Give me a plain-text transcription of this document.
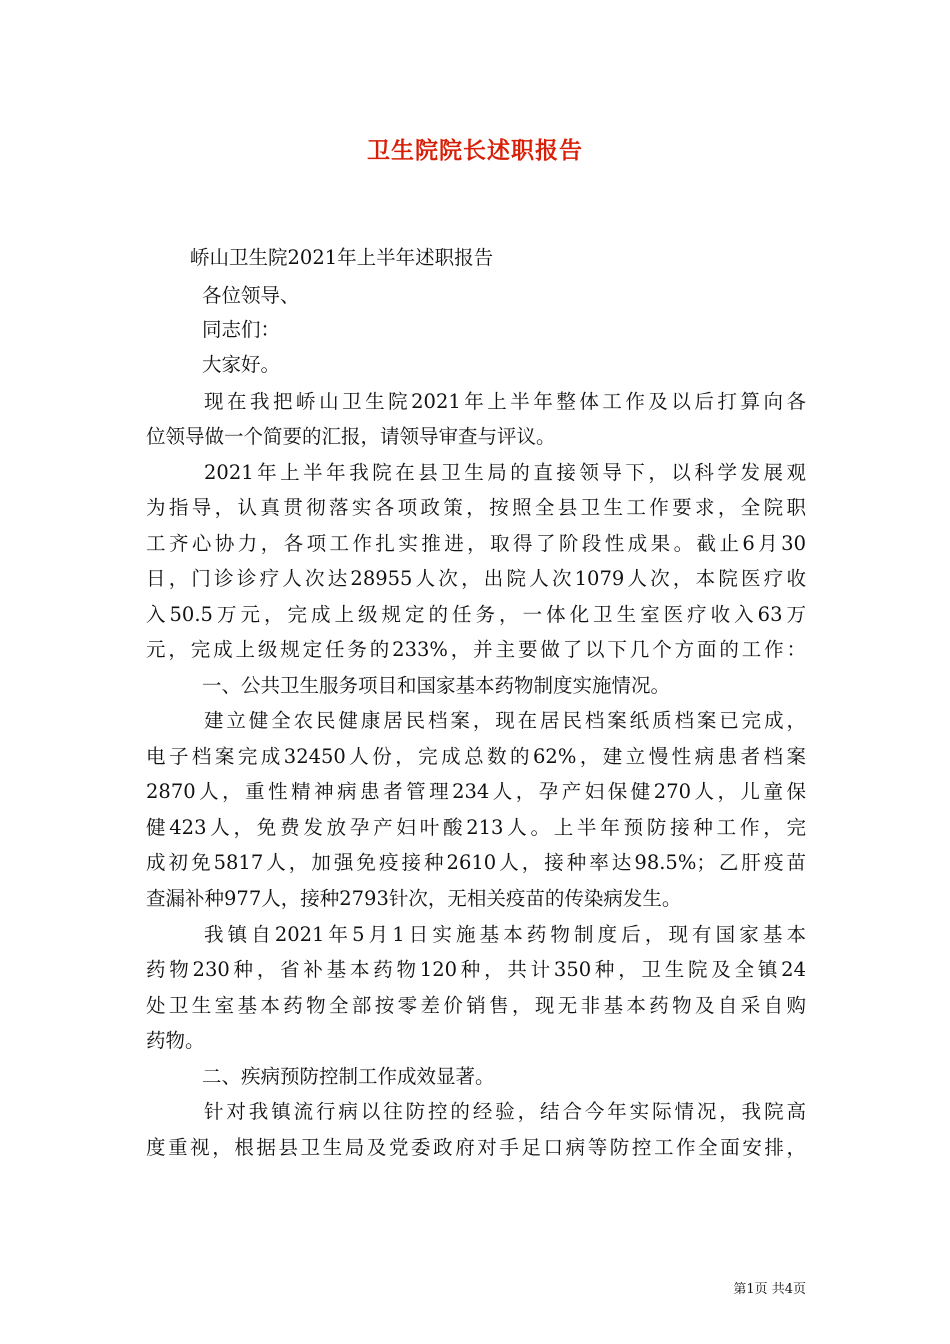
卫生院院长述职报告
峤山卫生院2021年上半年述职报告
各位领导、
同志们：
大家好。
现在我把峤山卫生院2021年上半年整体工作及以后打算向各
位领导做一个简要的汇报，请领导审查与评议。
2021年上半年我院在县卫生局的直接领导下，以科学发展观
为指导，认真贯彻落实各项政策，按照全县卫生工作要求，全院职
工齐心协力，各项工作扎实推进，取得了阶段性成果。截止6月30
日，门诊诊疗人次达28955人次，出院人次1079人次，本院医疗收
入50.5万元，完成上级规定的任务，一体化卫生室医疗收入63万
元，完成上级规定任务的233%，并主要做了以下几个方面的工作：
一、公共卫生服务项目和国家基本药物制度实施情况。
建立健全农民健康居民档案，现在居民档案纸质档案已完成，
电子档案完成32450人份，完成总数的62%，建立慢性病患者档案
2870人，重性精神病患者管理234人，孕产妇保健270人，儿童保
健423人，免费发放孕产妇叶酸213人。上半年预防接种工作，完
成初免5817人，加强免疫接种2610人，接种率达98.5%；乙肝疫苗
查漏补种977人，接种2793针次，无相关疫苗的传染病发生。
我镇自2021年5月1日实施基本药物制度后，现有国家基本
药物230种，省补基本药物120种，共计350种，卫生院及全镇24
处卫生室基本药物全部按零差价销售，现无非基本药物及自采自购
药物。
二、疾病预防控制工作成效显著。
针对我镇流行病以往防控的经验，结合今年实际情况，我院高
度重视，根据县卫生局及党委政府对手足口病等防控工作全面安排，
第1页 共4页
